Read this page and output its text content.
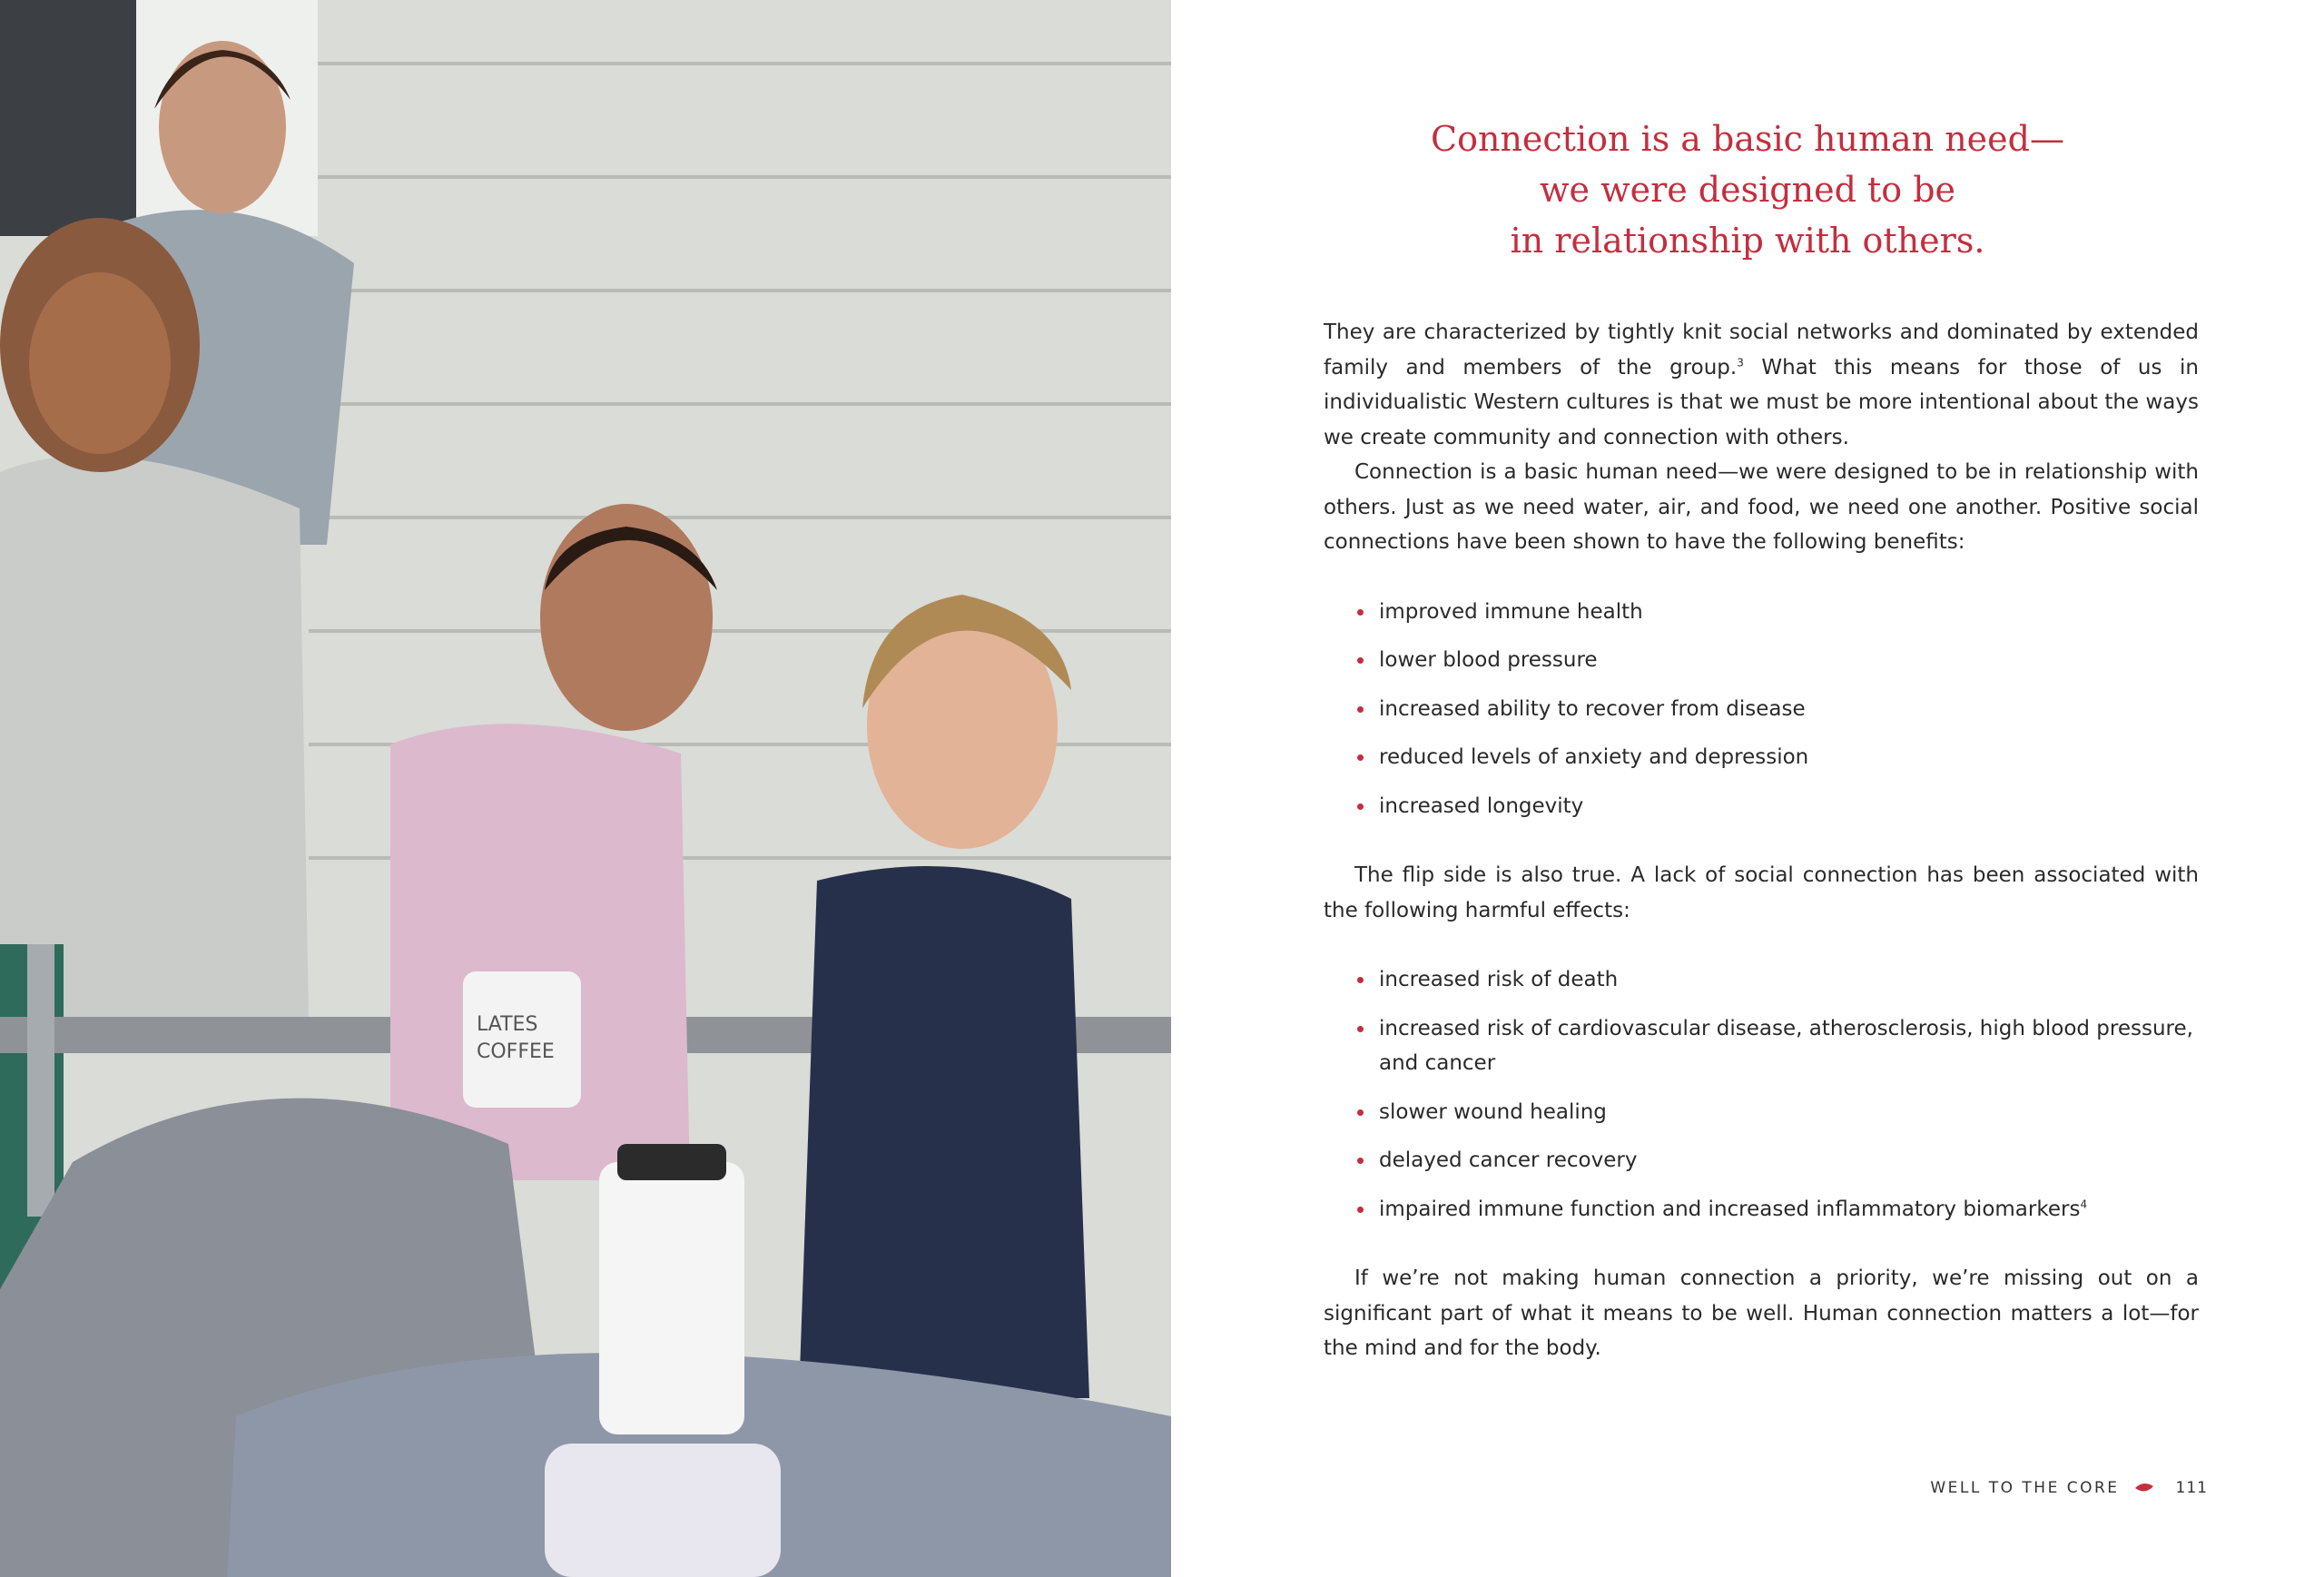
LATES
COFFEE
Connection is a basic human need—
we were designed to be
in relationship with others.

They are characterized by tightly knit social networks and dominated by extended family and members of the group.$^3$ What this means for those of us in individualistic Western cultures is that we must be more intentional about the ways we create community and connection with others.

Connection is a basic human need—we were designed to be in relationship with others. Just as we need water, air, and food, we need one another. Positive social connections have been shown to have the following benefits:

improved immune health
lower blood pressure
increased ability to recover from disease
reduced levels of anxiety and depression
increased longevity

The flip side is also true. A lack of social connection has been associated with the following harmful effects:

increased risk of death
increased risk of cardiovascular disease, atherosclerosis, high blood pressure, and cancer
slower wound healing
delayed cancer recovery
impaired immune function and increased inflammatory biomarkers$^4$

If we’re not making human connection a priority, we’re missing out on a significant part of what it means to be well. Human connection matters a lot—for the mind and for the body.

WELL TO THE CORE	111
